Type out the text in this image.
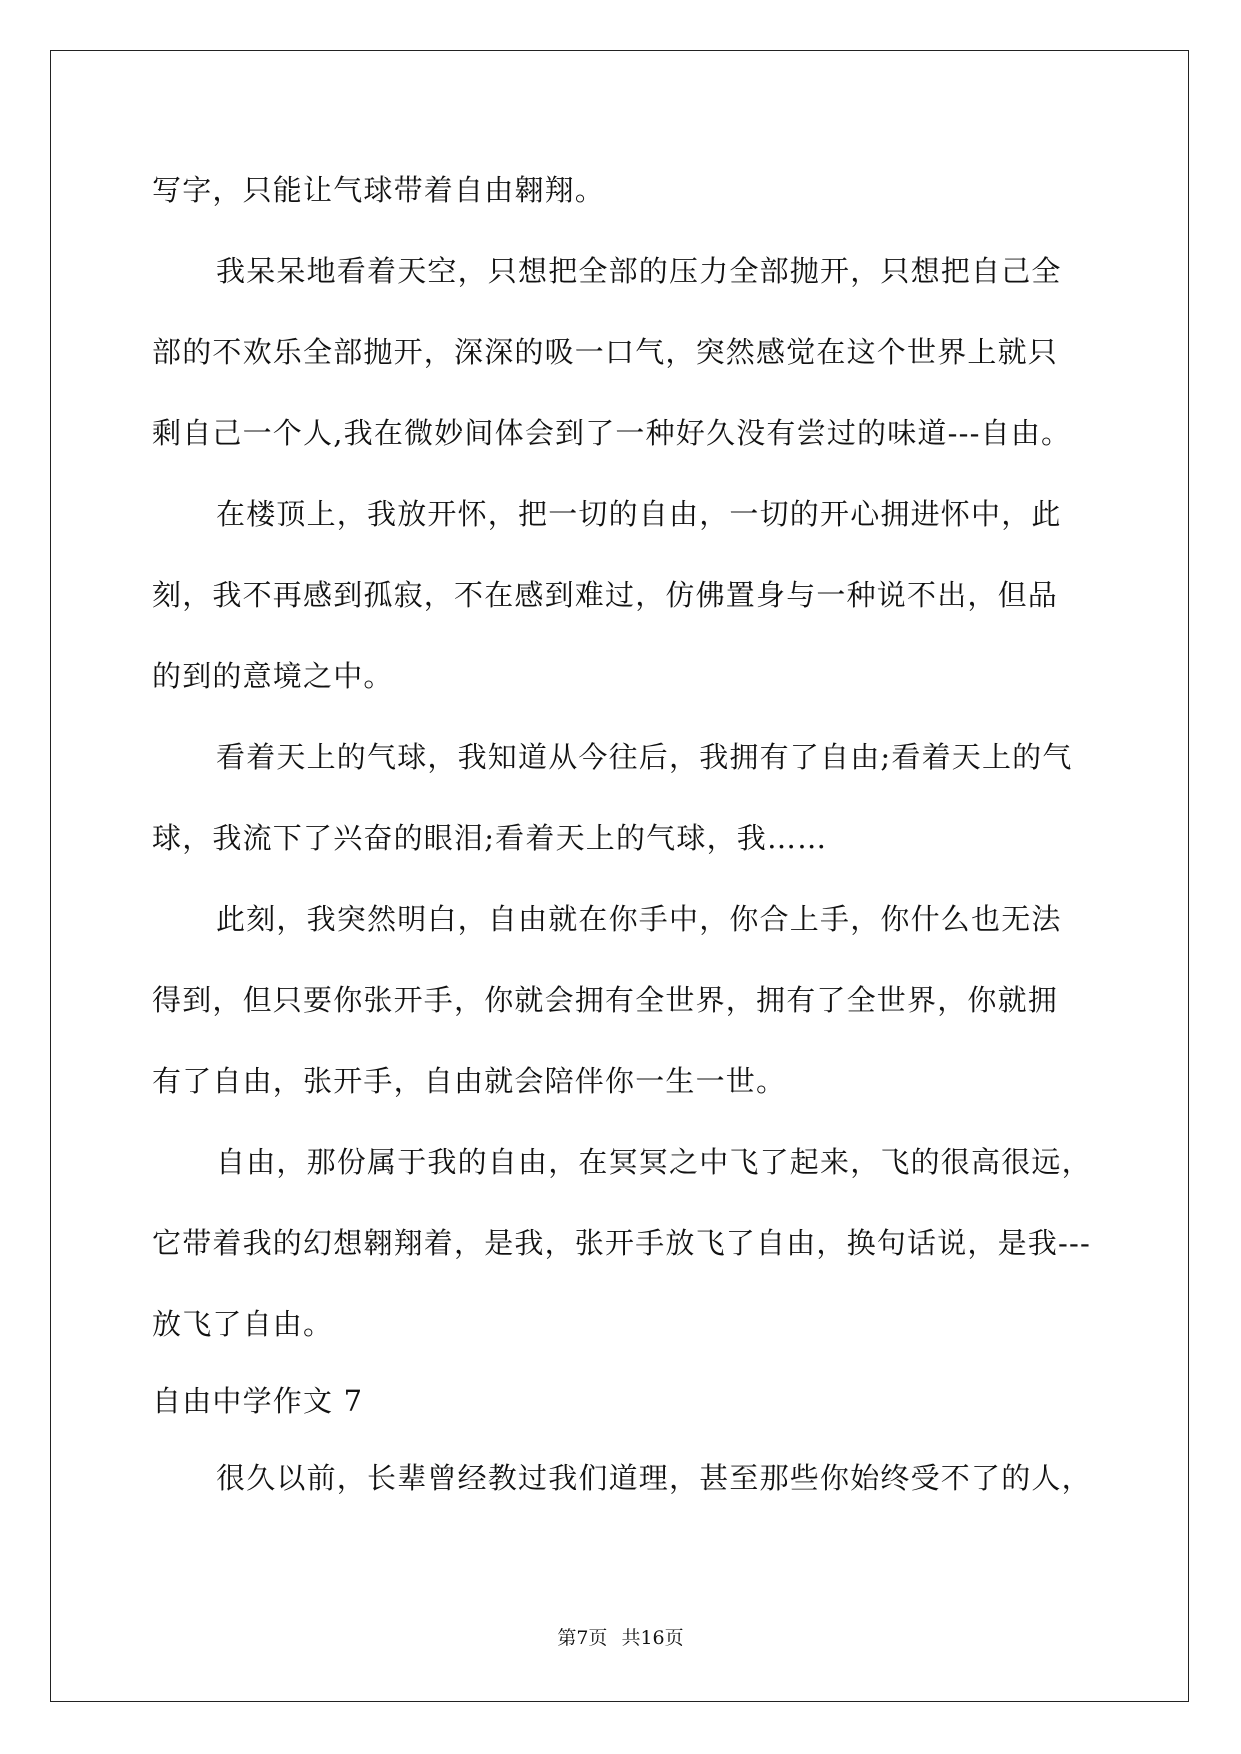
写字，只能让气球带着自由翱翔。
我呆呆地看着天空，只想把全部的压力全部抛开，只想把自己全
部的不欢乐全部抛开，深深的吸一口气，突然感觉在这个世界上就只
剩自己一个人,我在微妙间体会到了一种好久没有尝过的味道---自由。
在楼顶上，我放开怀，把一切的自由，一切的开心拥进怀中，此
刻，我不再感到孤寂，不在感到难过，仿佛置身与一种说不出，但品
的到的意境之中。
看着天上的气球，我知道从今往后，我拥有了自由;看着天上的气
球，我流下了兴奋的眼泪;看着天上的气球，我……
此刻，我突然明白，自由就在你手中，你合上手，你什么也无法
得到，但只要你张开手，你就会拥有全世界，拥有了全世界，你就拥
有了自由，张开手，自由就会陪伴你一生一世。
自由，那份属于我的自由，在冥冥之中飞了起来，飞的很高很远，
它带着我的幻想翱翔着，是我，张开手放飞了自由，换句话说，是我---
放飞了自由。
自由中学作文 7
很久以前，长辈曾经教过我们道理，甚至那些你始终受不了的人，
第7页 共16页
